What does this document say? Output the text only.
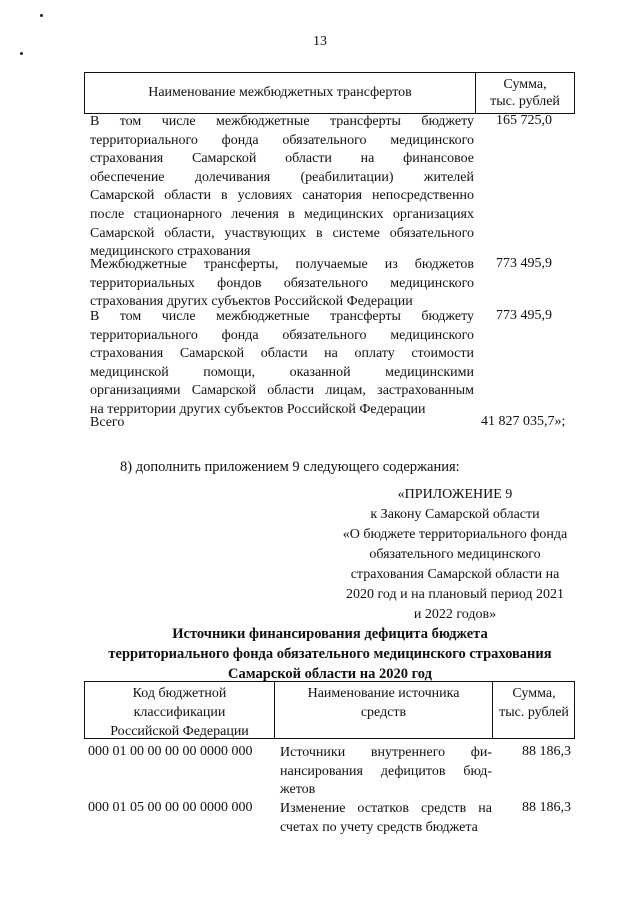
13
Наименование межбюджетных трансфертов
Сумма,
тыс. рублей
В том числе межбюджетные трансферты бюджету
территориального фонда обязательного медицинского
страхования Самарской области на финансовое
обеспечение долечивания (реабилитации) жителей
Самарской области в условиях санатория непосредственно
после стационарного лечения в медицинских организациях
Самарской области, участвующих в системе обязательного
медицинского страхования
165 725,0
Межбюджетные трансферты, получаемые из бюджетов
территориальных фондов обязательного медицинского
страхования других субъектов Российской Федерации
773 495,9
В том числе межбюджетные трансферты бюджету
территориального фонда обязательного медицинского
страхования Самарской области на оплату стоимости
медицинской помощи, оказанной медицинскими
организациями Самарской области лицам, застрахованным
на территории других субъектов Российской Федерации
773 495,9
Всего	41 827 035,7»;
8) дополнить приложением 9 следующего содержания:
«ПРИЛОЖЕНИЕ 9
к Закону Самарской области
«О бюджете территориального фонда
обязательного медицинского
страхования Самарской области на
2020 год и на плановый период 2021
и 2022 годов»
Источники финансирования дефицита бюджета
территориального фонда обязательного медицинского страхования
Самарской области на 2020 год
Код бюджетной
классификации
Российской Федерации
Наименование источника
средств
Сумма,
тыс. рублей
000 01 00 00 00 00 0000 000 Источники внутреннего фи-
нансирования дефицитов бюд-
жетов
88 186,3
000 01 05 00 00 00 0000 000 Изменение остатков средств на
счетах по учету средств бюджета
88 186,3
